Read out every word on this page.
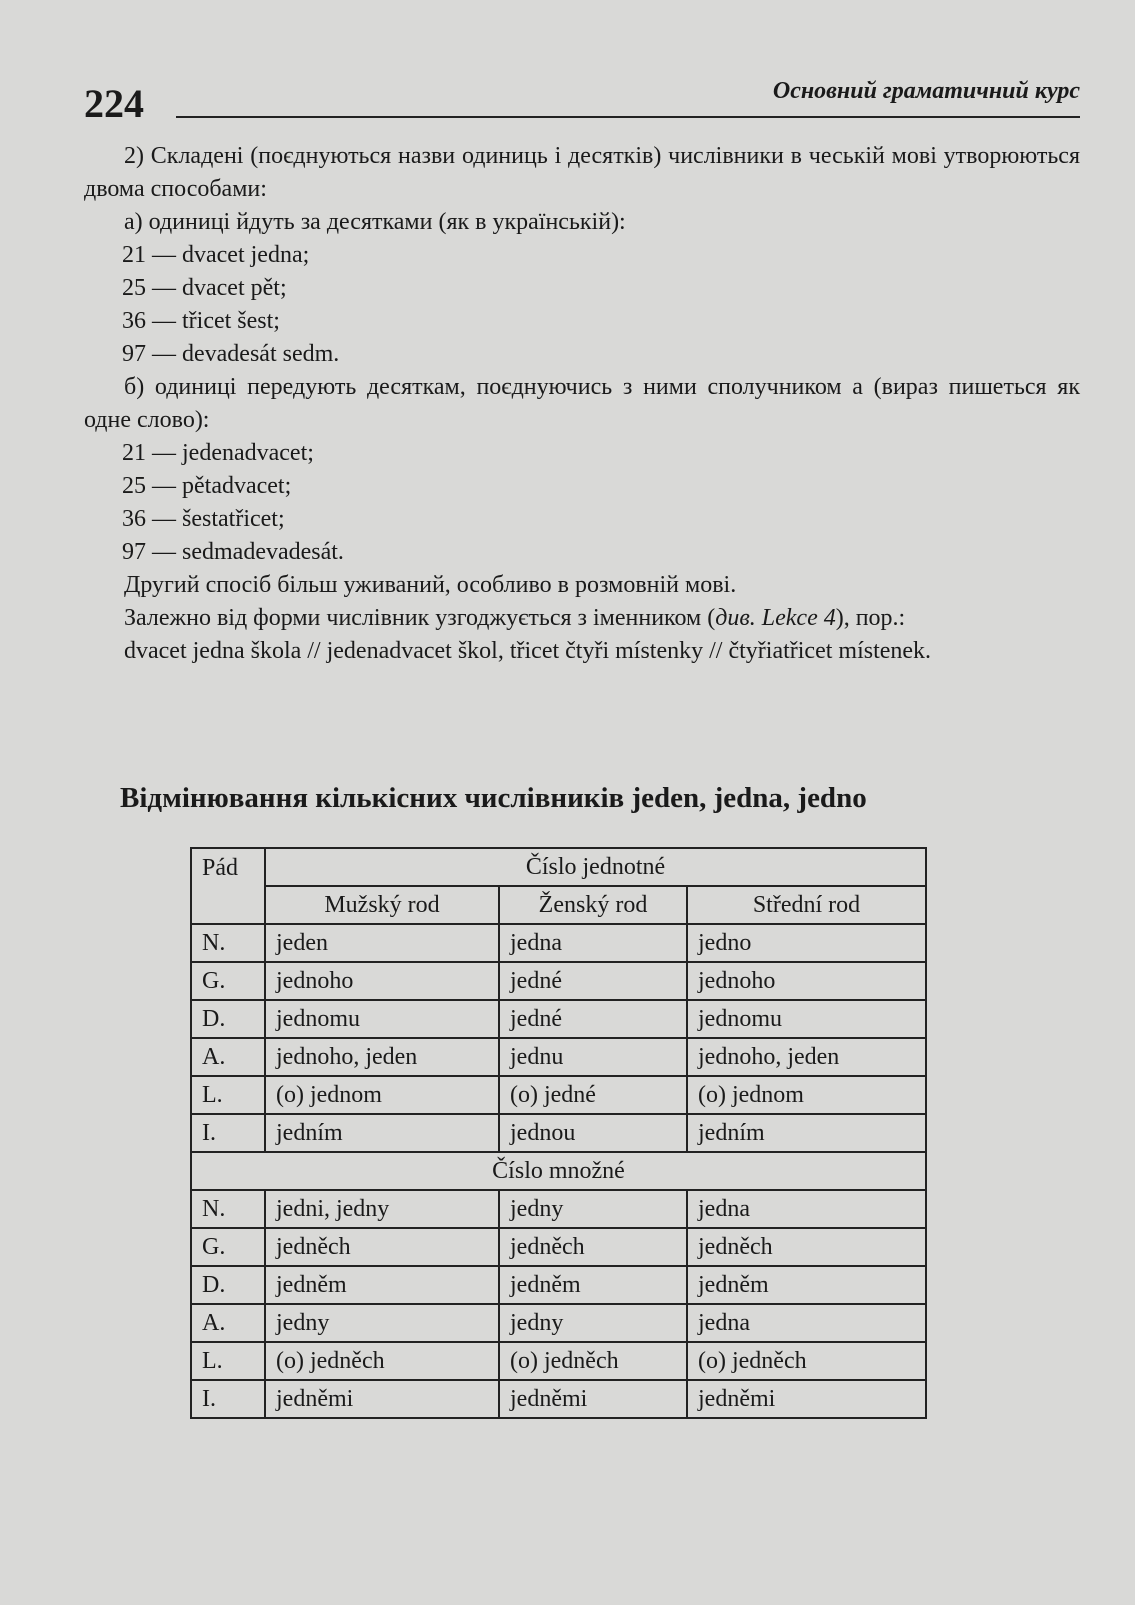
224	Основний граматичний курс

2) Складені (поєднуються назви одиниць і десятків) числівники в чеській мові утворюються двома способами:

а) одиниці йдуть за десятками (як в українській):

21 — dvacet jedna;

25 — dvacet pět;

36 — třicet šest;

97 — devadesát sedm.

б) одиниці передують десяткам, поєднуючись з ними сполучником a (вираз пишеться як одне слово):

21 — jedenadvacet;

25 — pětadvacet;

36 — šestatřicet;

97 — sedmadevadesát.

Другий спосіб більш уживаний, особливо в розмовній мові.

Залежно від форми числівник узгоджується з іменником (див. Lekce 4), пор.:

dvacet jedna škola // jedenadvacet škol, třicet čtyři místenky // čtyřiatřicet místenek.

Відмінювання кількісних числівників jeden, jedna, jedno
Pád	Číslo jednotné		
	Mužský rod	Ženský rod	Střední rod
N.	jeden	jedna	jedno
G.	jednoho	jedné	jednoho
D.	jednomu	jedné	jednomu
A.	jednoho, jeden	jednu	jednoho, jeden
L.	(o) jednom	(o) jedné	(o) jednom
I.	jedním	jednou	jedním
Číslo množné			
N.	jedni, jedny	jedny	jedna
G.	jedněch	jedněch	jedněch
D.	jedněm	jedněm	jedněm
A.	jedny	jedny	jedna
L.	(o) jedněch	(o) jedněch	(o) jedněch
I.	jedněmi	jedněmi	jedněmi
